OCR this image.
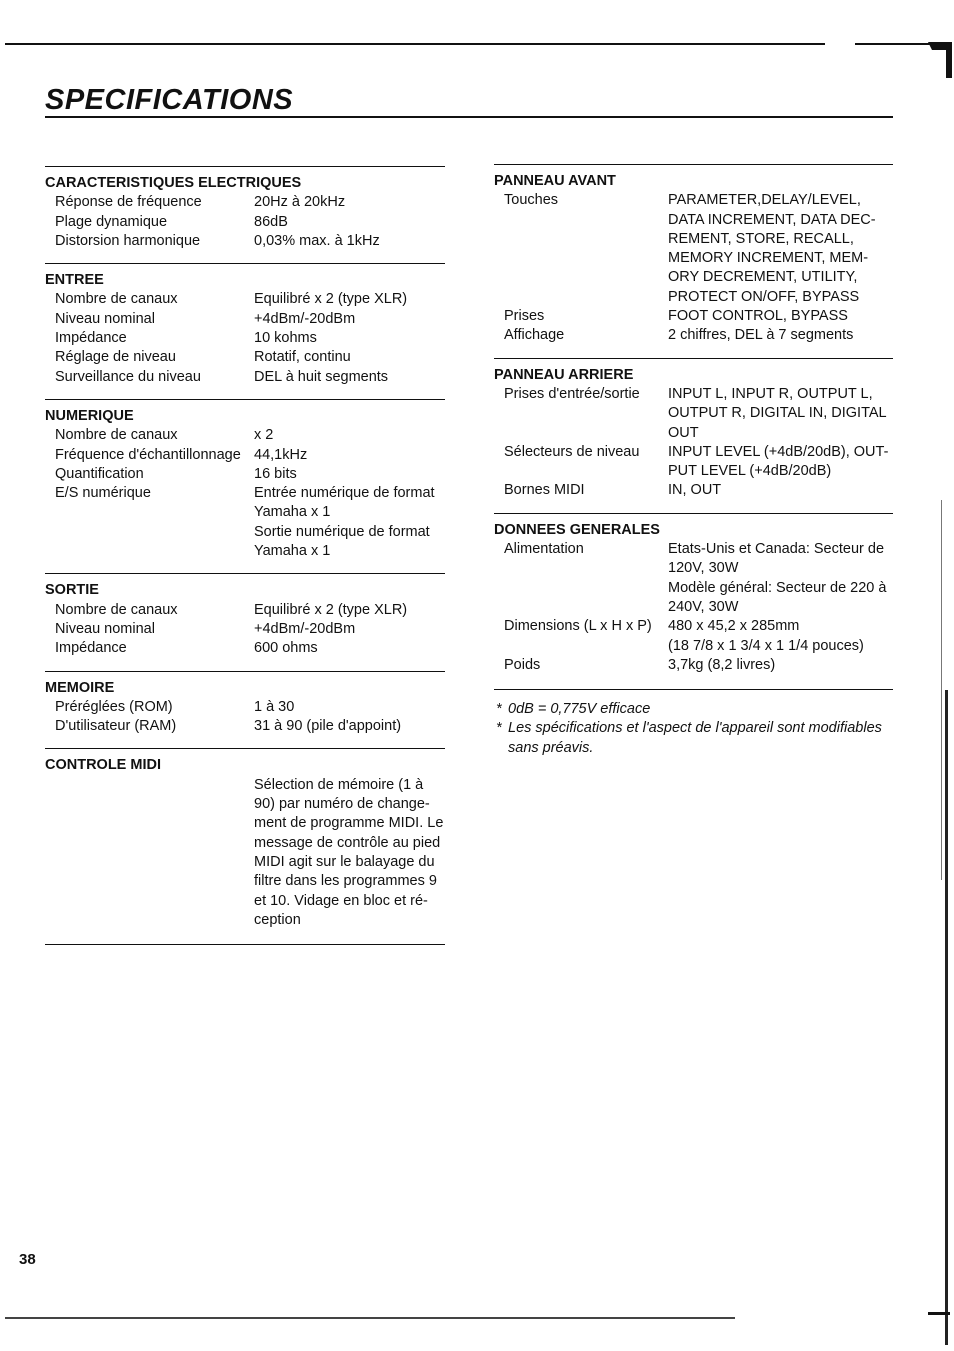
SPECIFICATIONS
CARACTERISTIQUES ELECTRIQUES
Réponse de fréquence	20Hz à 20kHz
Plage dynamique	86dB
Distorsion harmonique	0,03% max. à 1kHz
ENTREE
Nombre de canaux	Equilibré x 2 (type XLR)
Niveau nominal	+4dBm/-20dBm
Impédance	10 kohms
Réglage de niveau	Rotatif, continu
Surveillance du niveau	DEL à huit segments
NUMERIQUE
Nombre de canaux	x 2
Fréquence d'échantillonnage 44,1kHz
Quantification	16 bits
E/S numérique	Entrée numérique de format
Yamaha x 1
Sortie numérique de format
Yamaha x 1
SORTIE
Nombre de canaux	Equilibré x 2 (type XLR)
Niveau nominal	+4dBm/-20dBm
Impédance	600 ohms
MEMOIRE
Préréglées (ROM)	1 à 30
D'utilisateur (RAM)	31 à 90 (pile d'appoint)
CONTROLE MIDI
Sélection de mémoire (1 à
90) par numéro de change-
ment de programme MIDI. Le
message de contrôle au pied
MIDI agit sur le balayage du
filtre dans les programmes 9
et 10. Vidage en bloc et ré-
ception
PANNEAU AVANT
Touches	PARAMETER,DELAY/LEVEL,
DATA INCREMENT, DATA DEC-
REMENT, STORE, RECALL,
MEMORY INCREMENT, MEM-
ORY DECREMENT, UTILITY,
PROTECT ON/OFF, BYPASS
Prises	FOOT CONTROL, BYPASS
Affichage	2 chiffres, DEL à 7 segments
PANNEAU ARRIERE
Prises d'entrée/sortie	INPUT L, INPUT R, OUTPUT L,
OUTPUT R, DIGITAL IN, DIGITAL
OUT
Sélecteurs de niveau	INPUT LEVEL (+4dB/20dB), OUT-
PUT LEVEL (+4dB/20dB)
Bornes MIDI	IN, OUT
DONNEES GENERALES
Alimentation	Etats-Unis et Canada: Secteur de
120V, 30W
Modèle général: Secteur de 220 à
240V, 30W
Dimensions (L x H x P)	480 x 45,2 x 285mm
(18 7/8 x 1 3/4 x 1 1/4 pouces)
Poids	3,7kg (8,2 livres)
* 0dB = 0,775V efficace
* Les spécifications et l'aspect de l'appareil sont modifiables sans préavis.
38
